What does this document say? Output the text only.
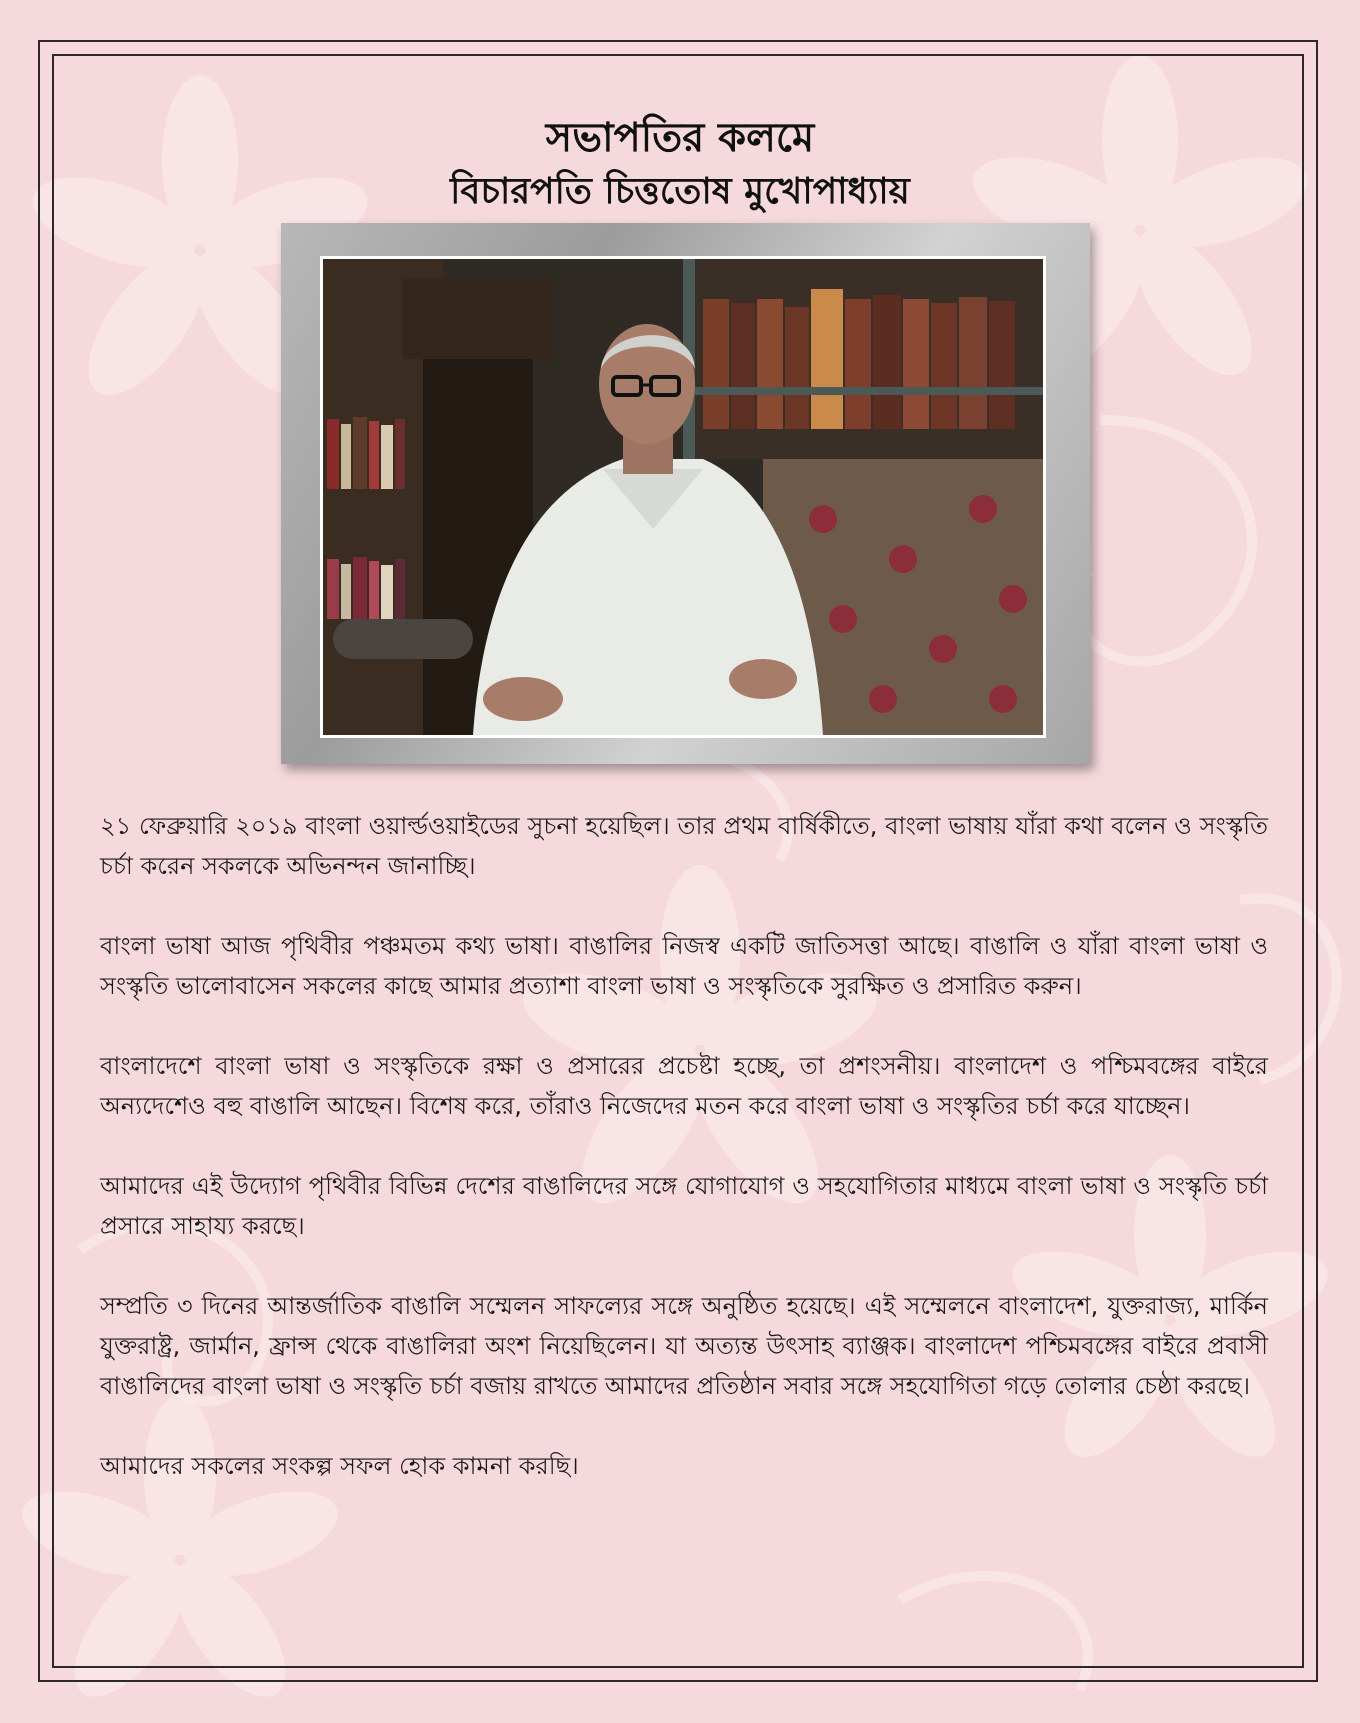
সভাপতির কলমে
বিচারপতি চিত্ততোষ মুখোপাধ্যায়

২১ ফেব্রুয়ারি ২০১৯ বাংলা ওয়ার্ল্ডওয়াইডের সুচনা হয়েছিল। তার প্রথম বার্ষিকীতে, বাংলা ভাষায় যাঁরা কথা বলেন ও সংস্কৃতি চর্চা করেন সকলকে অভিনন্দন জানাচ্ছি।

বাংলা ভাষা আজ পৃথিবীর পঞ্চমতম কথ্য ভাষা। বাঙালির নিজস্ব একটি জাতিসত্তা আছে। বাঙালি ও যাঁরা বাংলা ভাষা ও সংস্কৃতি ভালোবাসেন সকলের কাছে আমার প্রত্যাশা বাংলা ভাষা ও সংস্কৃতিকে সুরক্ষিত ও প্রসারিত করুন।

বাংলাদেশে বাংলা ভাষা ও সংস্কৃতিকে রক্ষা ও প্রসারের প্রচেষ্টা হচ্ছে, তা প্রশংসনীয়। বাংলাদেশ ও পশ্চিমবঙ্গের বাইরে অন্যদেশেও বহু বাঙালি আছেন। বিশেষ করে, তাঁরাও নিজেদের মতন করে বাংলা ভাষা ও সংস্কৃতির চর্চা করে যাচ্ছেন।

আমাদের এই উদ্যোগ পৃথিবীর বিভিন্ন দেশের বাঙালিদের সঙ্গে যোগাযোগ ও সহযোগিতার মাধ্যমে বাংলা ভাষা ও সংস্কৃতি চর্চা প্রসারে সাহায্য করছে।

সম্প্রতি ৩ দিনের আন্তর্জাতিক বাঙালি সম্মেলন সাফল্যের সঙ্গে অনুষ্ঠিত হয়েছে। এই সম্মেলনে বাংলাদেশ, যুক্তরাজ্য, মার্কিন যুক্তরাষ্ট্র, জার্মান, ফ্রান্স থেকে বাঙালিরা অংশ নিয়েছিলেন। যা অত্যন্ত উৎসাহ ব্যাঞ্জক। বাংলাদেশ পশ্চিমবঙ্গের বাইরে প্রবাসী বাঙালিদের বাংলা ভাষা ও সংস্কৃতি চর্চা বজায় রাখতে আমাদের প্রতিষ্ঠান সবার সঙ্গে সহযোগিতা গড়ে তোলার চেষ্ঠা করছে।

আমাদের সকলের সংকল্প সফল হোক কামনা করছি।
